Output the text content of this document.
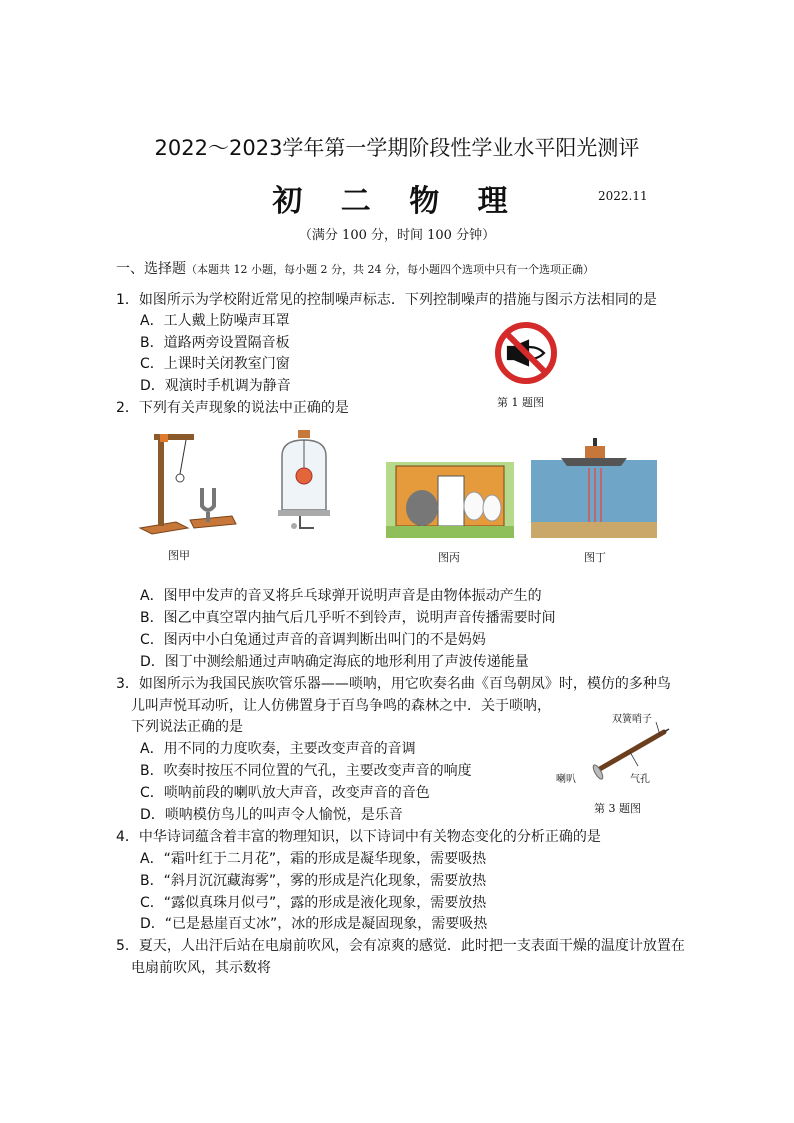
2022～2023学年第一学期阶段性学业水平阳光测评
初 二 物 理	2022.11
（满分 100 分，时间 100 分钟）
一、选择题（本题共 12 小题，每小题 2 分，共 24 分，每小题四个选项中只有一个选项正确）
1．如图所示为学校附近常见的控制噪声标志．下列控制噪声的措施与图示方法相同的是
A．工人戴上防噪声耳罩
B．道路两旁设置隔音板
C．上课时关闭教室门窗
D．观演时手机调为静音
第 1 题图
2．下列有关声现象的说法中正确的是
图甲	图丙	图丁
A．图甲中发声的音叉将乒乓球弹开说明声音是由物体振动产生的
B．图乙中真空罩内抽气后几乎听不到铃声，说明声音传播需要时间
C．图丙中小白兔通过声音的音调判断出叫门的不是妈妈
D．图丁中测绘船通过声呐确定海底的地形利用了声波传递能量
3．如图所示为我国民族吹管乐器——唢呐，用它吹奏名曲《百鸟朝凤》时，模仿的多种鸟
儿叫声悦耳动听，让人仿佛置身于百鸟争鸣的森林之中．关于唢呐，
下列说法正确的是
A．用不同的力度吹奏，主要改变声音的音调
B．吹奏时按压不同位置的气孔，主要改变声音的响度
C．唢呐前段的喇叭放大声音，改变声音的音色
D．唢呐模仿鸟儿的叫声令人愉悦，是乐音
双簧哨子
喇叭	气孔
第 3 题图
4．中华诗词蕴含着丰富的物理知识，以下诗词中有关物态变化的分析正确的是
A．“霜叶红于二月花”，霜的形成是凝华现象，需要吸热
B．“斜月沉沉藏海雾”，雾的形成是汽化现象，需要放热
C．“露似真珠月似弓”，露的形成是液化现象，需要放热
D．“已是悬崖百丈冰”，冰的形成是凝固现象，需要吸热
5．夏天，人出汗后站在电扇前吹风，会有凉爽的感觉．此时把一支表面干燥的温度计放置在
电扇前吹风，其示数将
